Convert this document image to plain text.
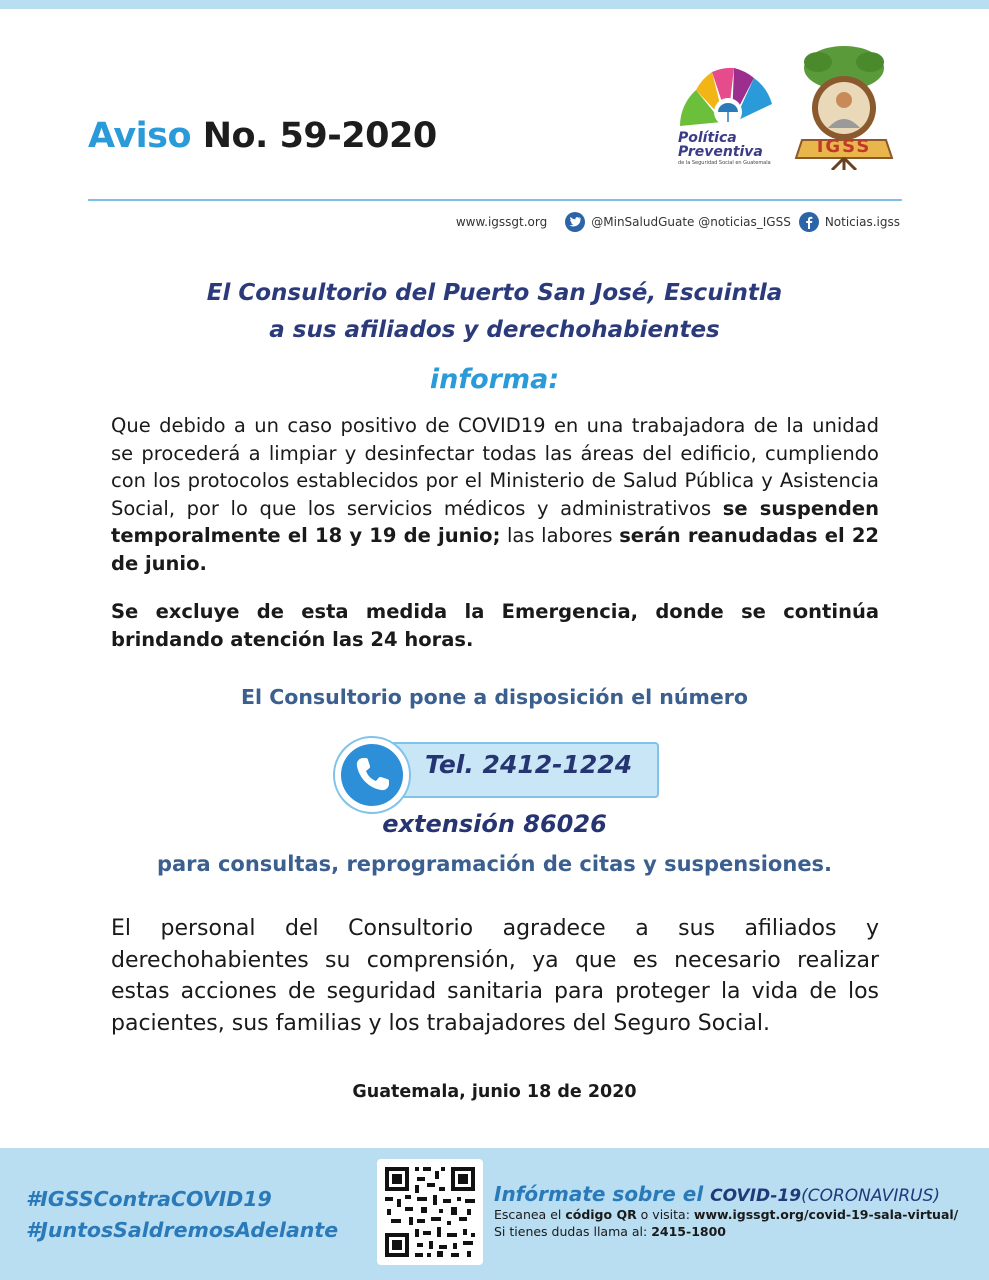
Aviso No. 59-2020	Política
Preventiva
de la Seguridad Social en Guatemala
IGSS
www.igssgt.org	@MinSaludGuate @noticias_IGSS	Noticias.igss
El Consultorio del Puerto San José, Escuintla
a sus afiliados y derechohabientes
informa:
Que debido a un caso positivo de COVID19 en una trabajadora de la unidad se procederá a limpiar y desinfectar todas las áreas del edificio, cumpliendo con los protocolos establecidos por el Ministerio de Salud Pública y Asistencia Social, por lo que los servicios médicos y administrativos se suspenden temporalmente el 18 y 19 de junio; las labores serán reanudadas el 22 de junio.
Se excluye de esta medida la Emergencia, donde se continúa brindando atención las 24 horas.
El Consultorio pone a disposición el número
Tel. 2412-1224
extensión 86026
para consultas, reprogramación de citas y suspensiones.
El personal del Consultorio agradece a sus afiliados y derechohabientes su comprensión, ya que es necesario realizar estas acciones de seguridad sanitaria para proteger la vida de los pacientes, sus familias y los trabajadores del Seguro Social.
Guatemala, junio 18 de 2020
#IGSSContraCOVID19
#JuntosSaldremosAdelante
Infórmate sobre el COVID-19(CORONAVIRUS)
Escanea el código QR o visita: www.igssgt.org/covid-19-sala-virtual/
Si tienes dudas llama al: 2415-1800
